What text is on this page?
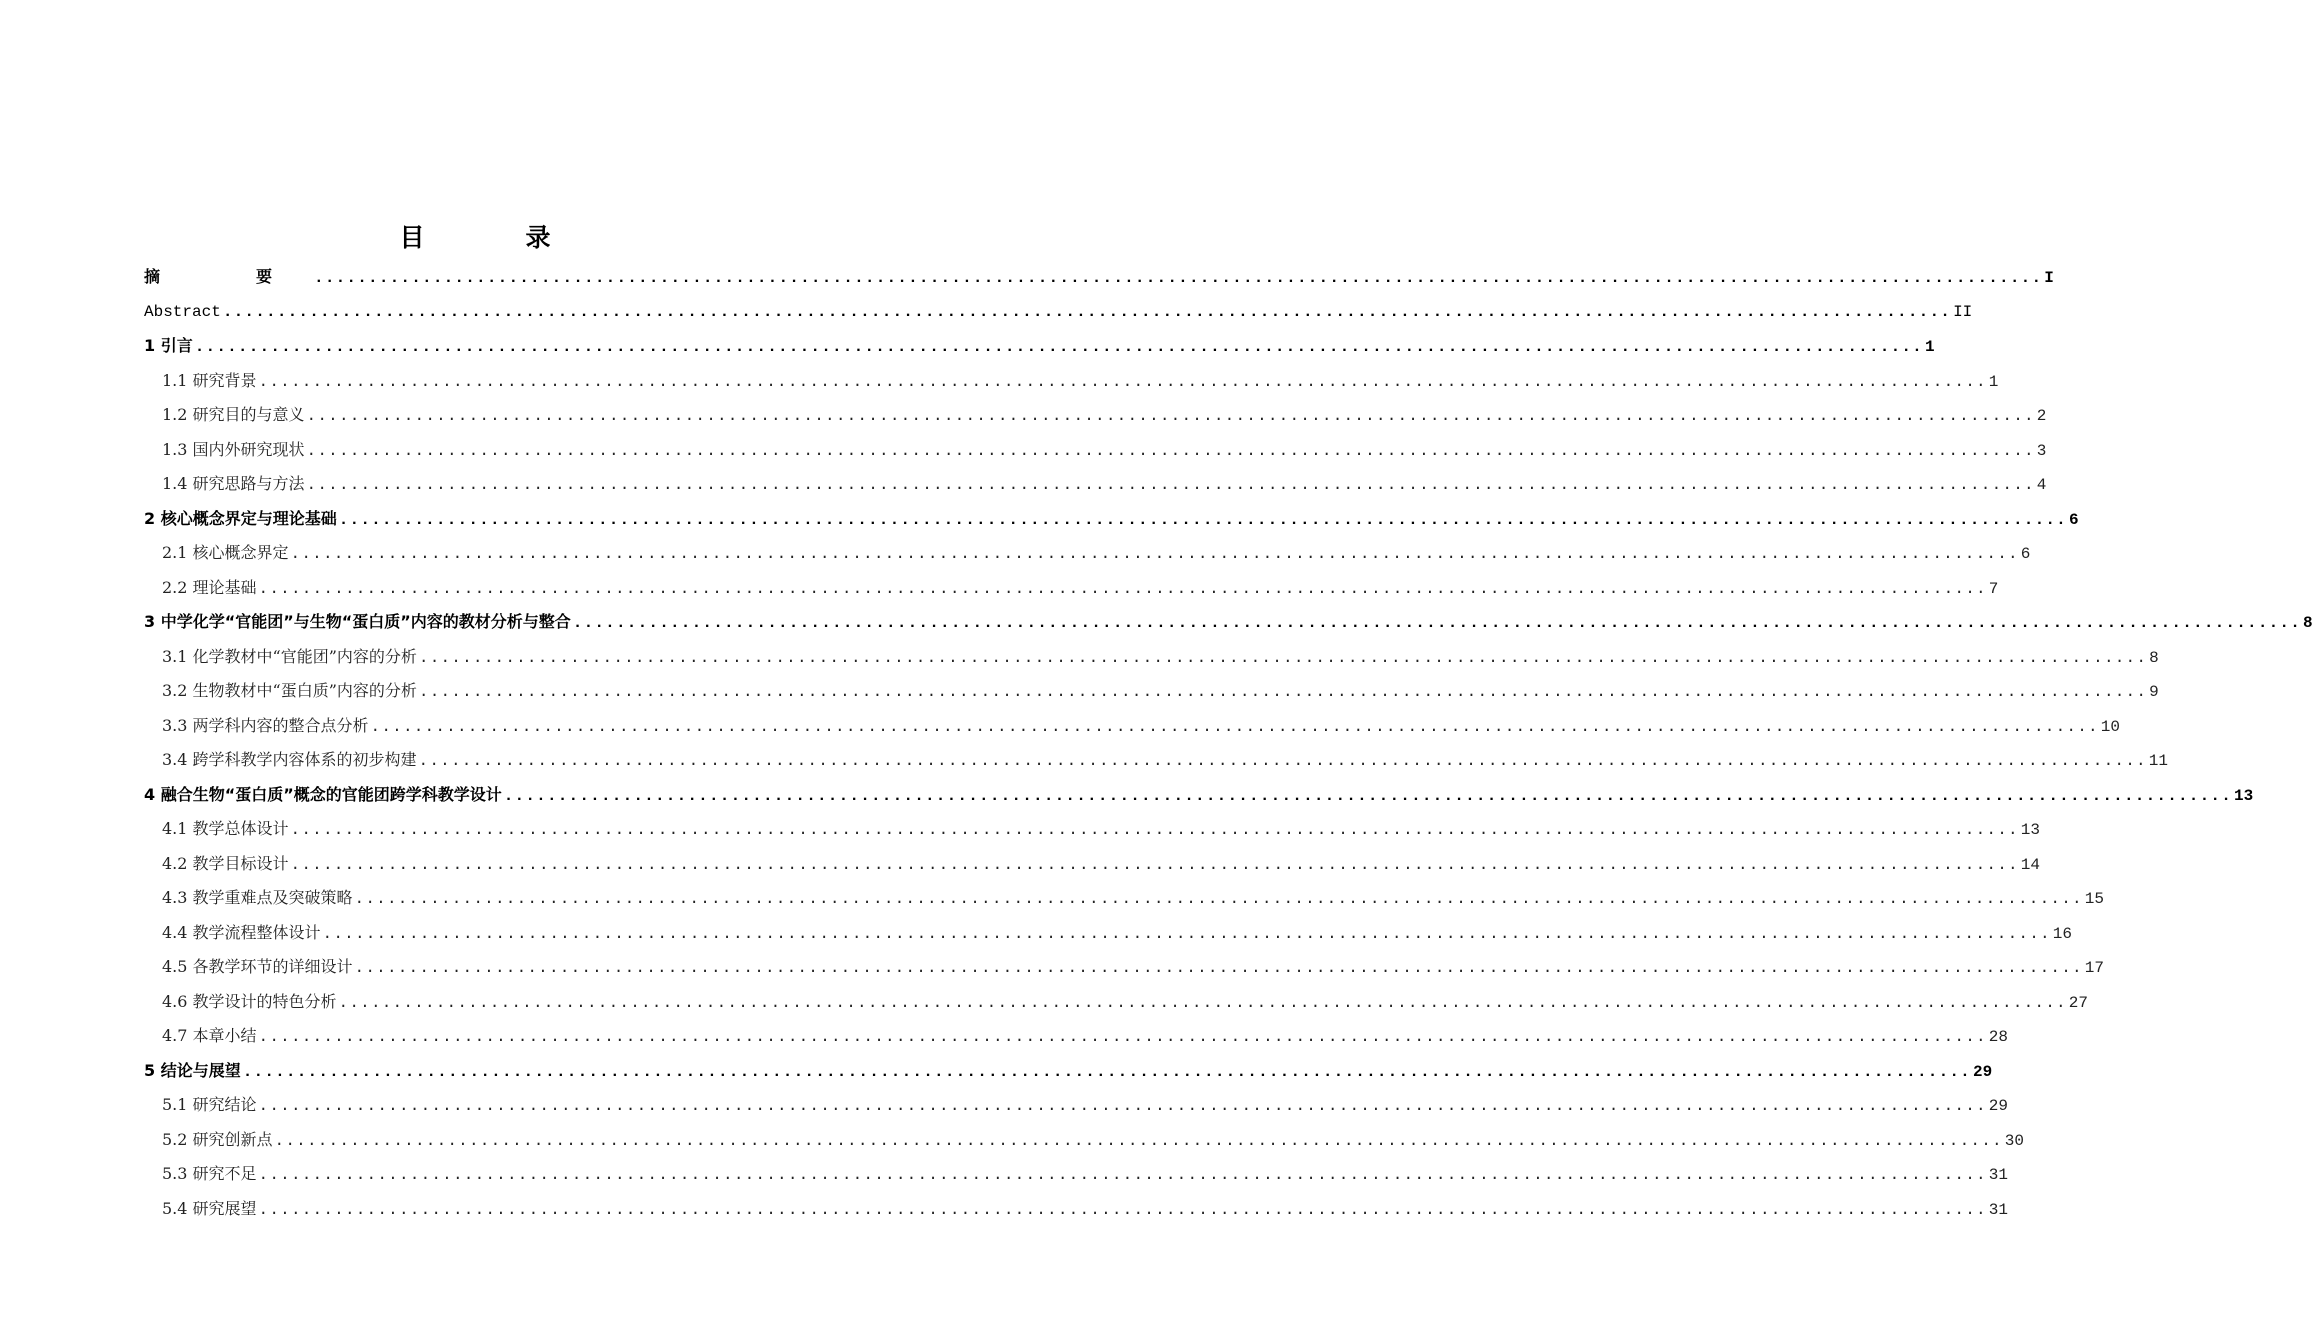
目　录
摘　要 ................................................................................................................................................................ I
Abstract ................................................................................................................................................................ II
1 引言 ................................................................................................................................................................ 1
1.1 研究背景 ................................................................................................................................................................ 1
1.2 研究目的与意义 ................................................................................................................................................................ 2
1.3 国内外研究现状 ................................................................................................................................................................ 3
1.4 研究思路与方法 ................................................................................................................................................................ 4
2 核心概念界定与理论基础 ................................................................................................................................................................ 6
2.1 核心概念界定 ................................................................................................................................................................ 6
2.2 理论基础 ................................................................................................................................................................ 7
3 中学化学“官能团”与生物“蛋白质”内容的教材分析与整合 ................................................................................................................................................................ 8
3.1 化学教材中“官能团”内容的分析 ................................................................................................................................................................ 8
3.2 生物教材中“蛋白质”内容的分析 ................................................................................................................................................................ 9
3.3 两学科内容的整合点分析 ................................................................................................................................................................ 10
3.4 跨学科教学内容体系的初步构建 ................................................................................................................................................................ 11
4 融合生物“蛋白质”概念的官能团跨学科教学设计 ................................................................................................................................................................ 13
4.1 教学总体设计 ................................................................................................................................................................ 13
4.2 教学目标设计 ................................................................................................................................................................ 14
4.3 教学重难点及突破策略 ................................................................................................................................................................ 15
4.4 教学流程整体设计 ................................................................................................................................................................ 16
4.5 各教学环节的详细设计 ................................................................................................................................................................ 17
4.6 教学设计的特色分析 ................................................................................................................................................................ 27
4.7 本章小结 ................................................................................................................................................................ 28
5 结论与展望 ................................................................................................................................................................ 29
5.1 研究结论 ................................................................................................................................................................ 29
5.2 研究创新点 ................................................................................................................................................................ 30
5.3 研究不足 ................................................................................................................................................................ 31
5.4 研究展望 ................................................................................................................................................................ 31
